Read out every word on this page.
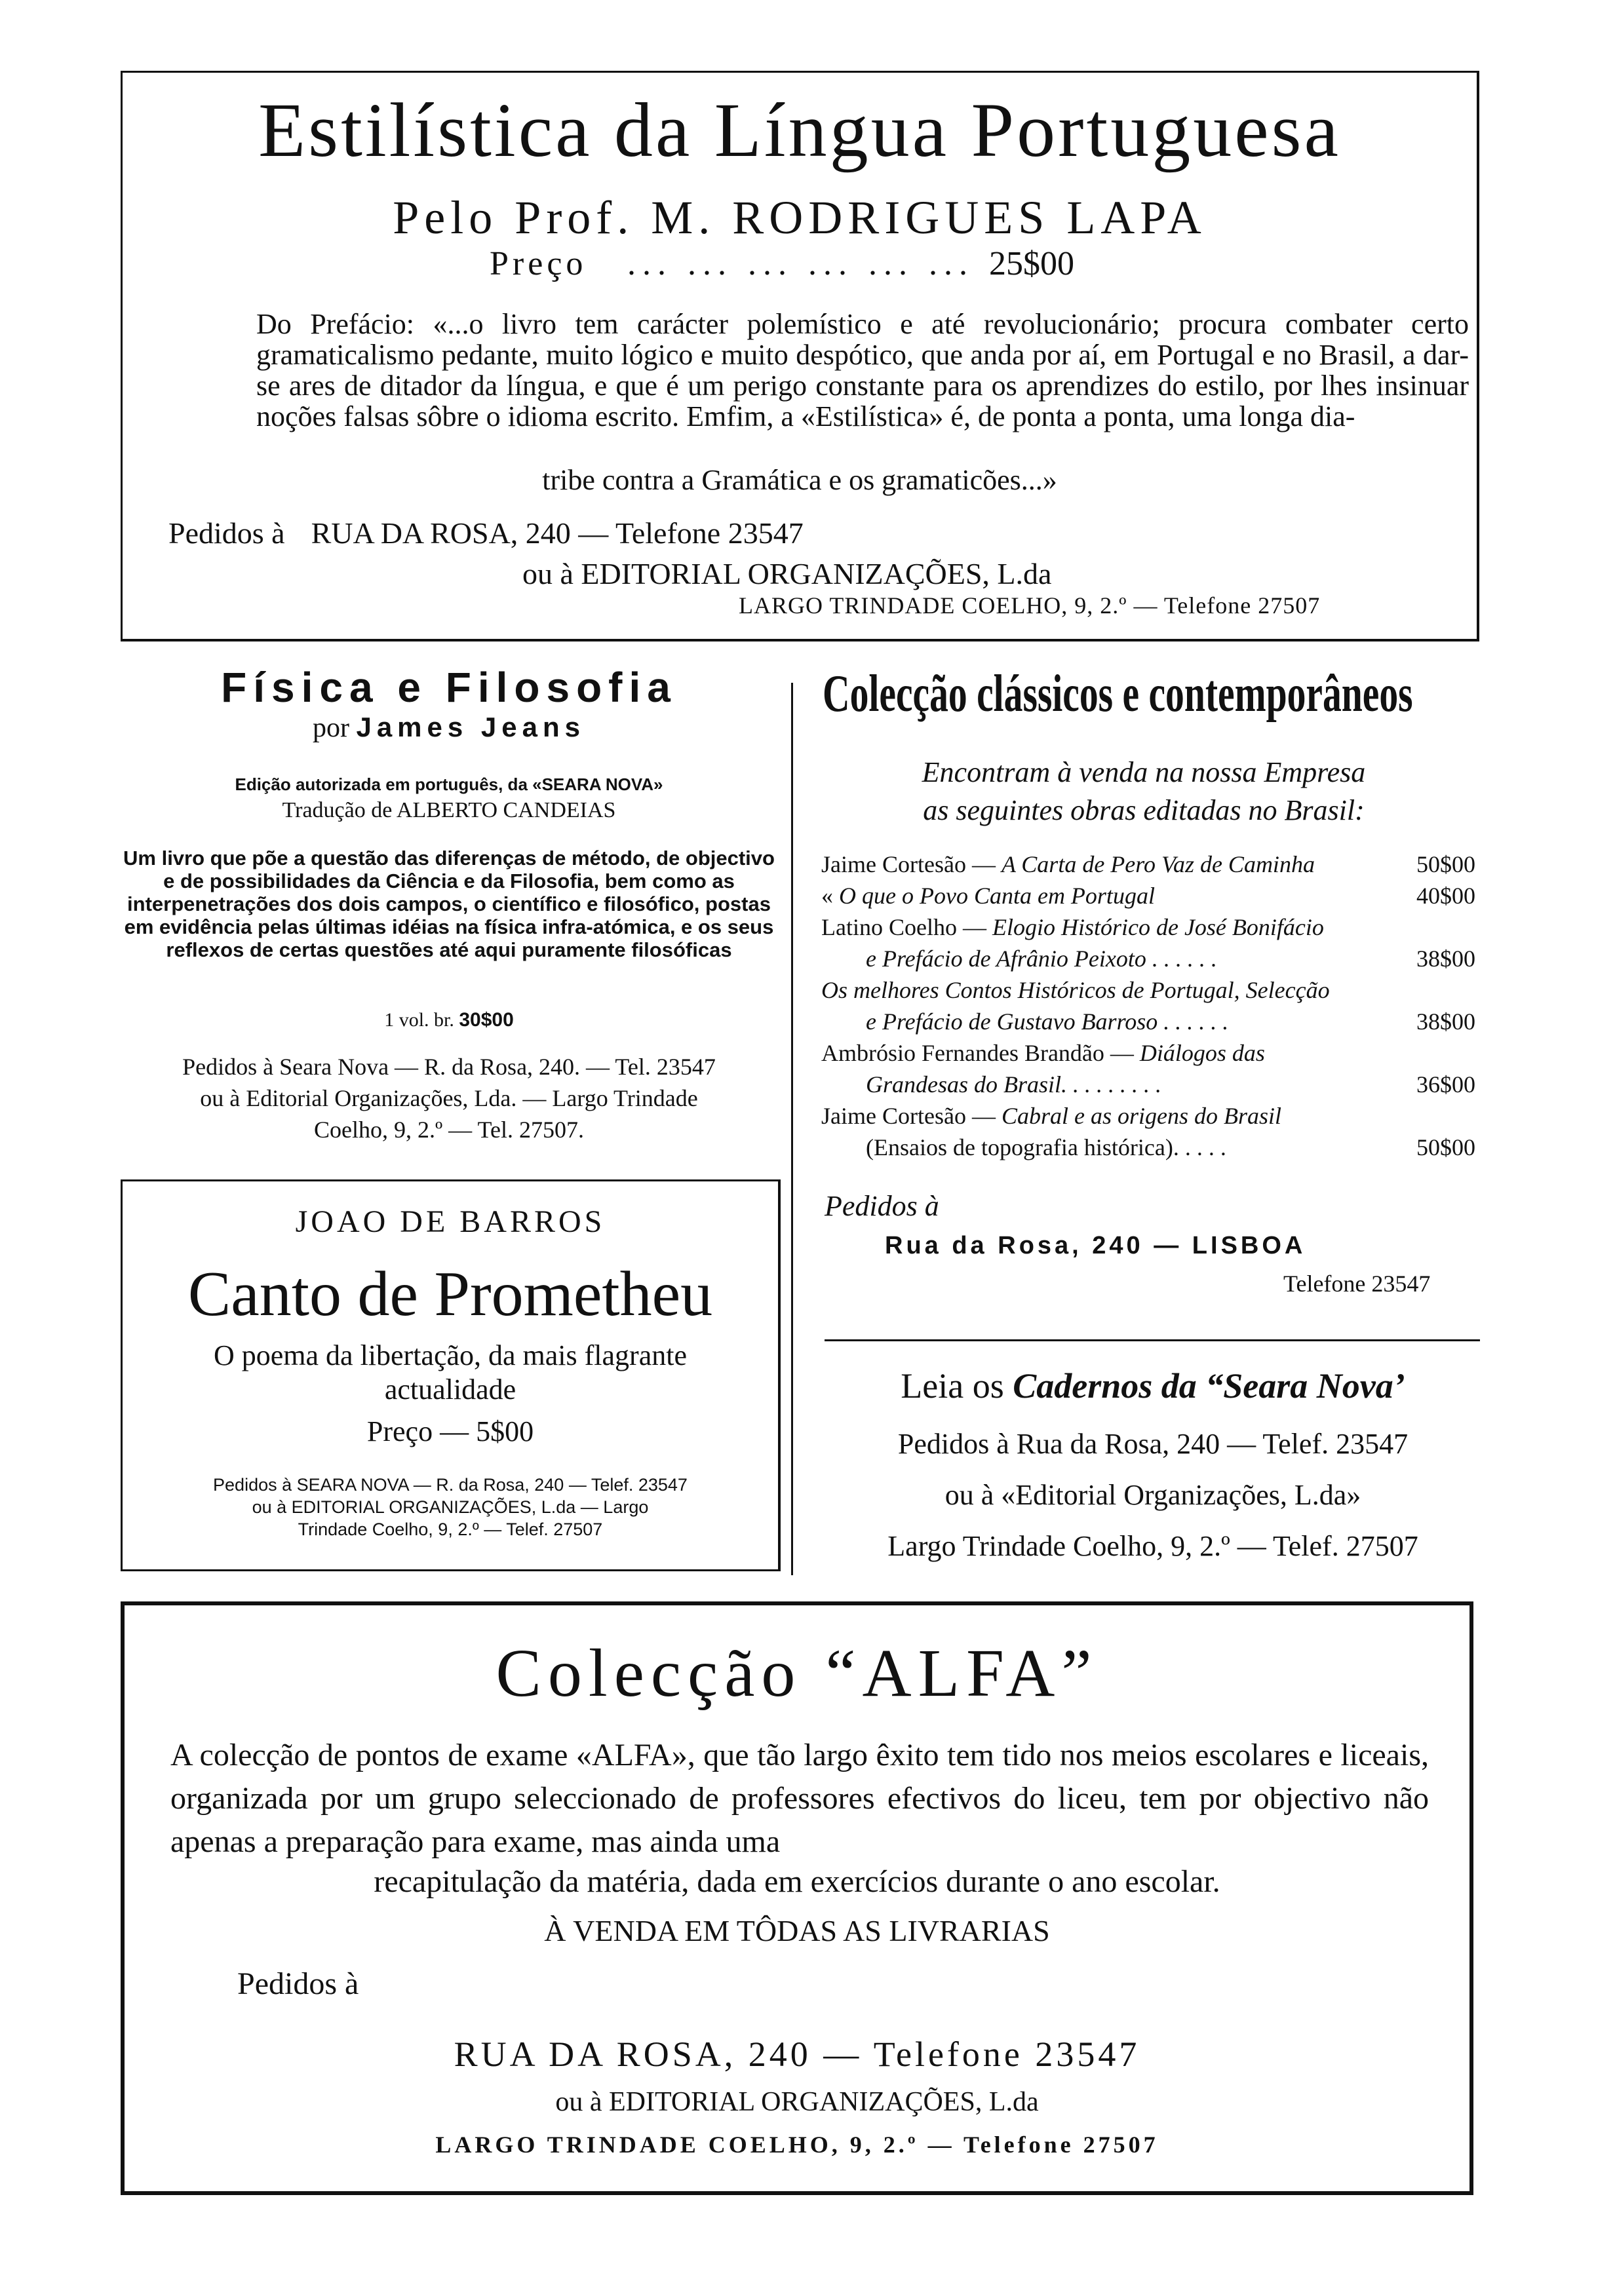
Estilística da Língua Portuguesa
Pelo Prof. M. RODRIGUES LAPA
Preço ... ... ... ... ... ... 25$00
Do Prefácio: «...o livro tem carácter polemístico e até revolucionário; procura combater certo gramaticalismo pedante, muito lógico e muito despótico, que anda por aí, em Portugal e no Brasil, a dar-se ares de ditador da língua, e que é um perigo constante para os aprendizes do estilo, por lhes insinuar noções falsas sôbre o idioma escrito. Emfim, a «Estilística» é, de ponta a ponta, uma longa dia-
tribe contra a Gramática e os gramaticões...»
Pedidos à RUA DA ROSA, 240 — Telefone 23547
ou à EDITORIAL ORGANIZAÇÕES, L.da
LARGO TRINDADE COELHO, 9, 2.º — Telefone 27507
Física e Filosofia
por James Jeans
Edição autorizada em português, da «SEARA NOVA»
Tradução de ALBERTO CANDEIAS
Um livro que põe a questão das diferenças de método, de objectivo e de possibilidades da Ciência e da Filosofia, bem como as interpenetrações dos dois campos, o científico e filosófico, postas em evidência pelas últimas idéias na física infra-atómica, e os seus reflexos de certas questões até aqui puramente filosóficas
1 vol. br. 30$00
Pedidos à Seara Nova — R. da Rosa, 240. — Tel. 23547
ou à Editorial Organizações, Lda. — Largo Trindade
Coelho, 9, 2.º — Tel. 27507.
JOAO DE BARROS
Canto de Prometheu
O poema da libertação, da mais flagrante
actualidade
Preço — 5$00
Pedidos à SEARA NOVA — R. da Rosa, 240 — Telef. 23547
ou à EDITORIAL ORGANIZAÇÕES, L.da — Largo
Trindade Coelho, 9, 2.º — Telef. 27507
Colecção clássicos e contemporâneos
Encontram à venda na nossa Empresa
as seguintes obras editadas no Brasil:
Jaime Cortesão — A Carta de Pero Vaz de Caminha	50$00
« O que o Povo Canta em Portugal	40$00
Latino Coelho — Elogio Histórico de José Bonifácio
e Prefácio de Afrânio Peixoto . . . . . .	38$00
Os melhores Contos Históricos de Portugal, Selecção
e Prefácio de Gustavo Barroso . . . . . .	38$00
Ambrósio Fernandes Brandão — Diálogos das
Grandesas do Brasil. . . . . . . . .	36$00
Jaime Cortesão — Cabral e as origens do Brasil
(Ensaios de topografia histórica). . . . .	50$00
Pedidos à
Rua da Rosa, 240 — LISBOA
Telefone 23547
Leia os Cadernos da “Seara Nova’
Pedidos à Rua da Rosa, 240 — Telef. 23547
ou à «Editorial Organizações, L.da»
Largo Trindade Coelho, 9, 2.º — Telef. 27507
Colecção “ALFA”
A colecção de pontos de exame «ALFA», que tão largo êxito tem tido nos meios escolares e liceais, organizada por um grupo seleccionado de professores efectivos do liceu, tem por objectivo não apenas a preparação para exame, mas ainda uma
recapitulação da matéria, dada em exercícios durante o ano escolar.
À VENDA EM TÔDAS AS LIVRARIAS
Pedidos à
RUA DA ROSA, 240 — Telefone 23547
ou à EDITORIAL ORGANIZAÇÕES, L.da
LARGO TRINDADE COELHO, 9, 2.º — Telefone 27507
